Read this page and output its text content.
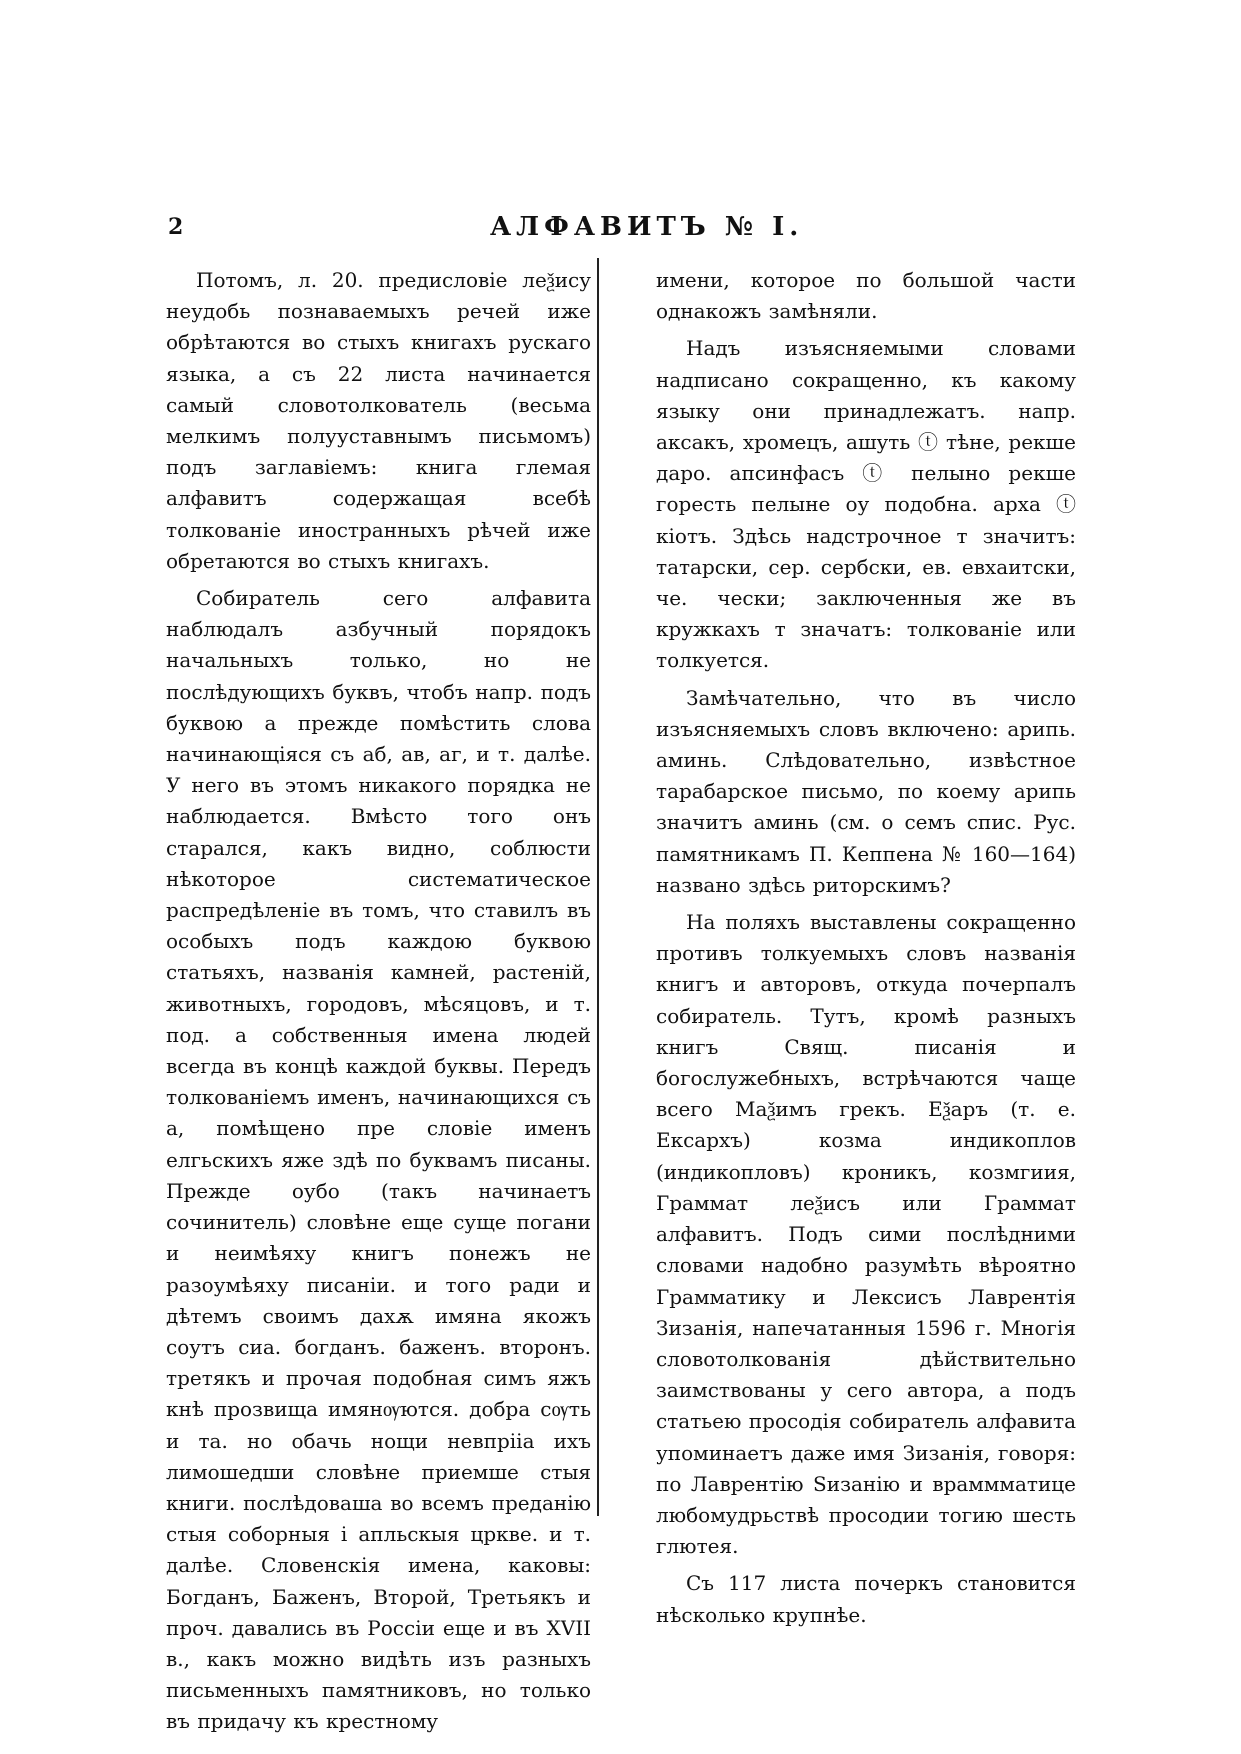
2	АЛФАВИТЪ № I.

Потомъ, л. 20. предисловіе леѯису неудобь познаваемыхъ речей иже обрѣтаются во стыхъ книгахъ рускаго языка, а съ 22 листа начинается самый словотолкователь (весьма мелкимъ полууставнымъ письмомъ) подъ заглавіемъ: книга глемая алфавитъ содержащая всебѣ толкованіе иностранныхъ рѣчей иже обретаются во стыхъ книгахъ.

Собиратель сего алфавита наблюдалъ азбучный порядокъ начальныхъ только, но не послѣдующихъ буквъ, чтобъ напр. подъ буквою а прежде помѣстить слова начинающіяся съ аб, ав, аг, и т. далѣе. У него въ этомъ никакого порядка не наблюдается. Вмѣсто того онъ старался, какъ видно, соблюсти нѣкоторое систематическое распредѣленіе въ томъ, что ставилъ въ особыхъ подъ каждою буквою статьяхъ, названія камней, растеній, животныхъ, городовъ, мѣсяцовъ, и т. под. а собственныя имена людей всегда въ концѣ каждой буквы. Передъ толкованіемъ именъ, начинающихся съ а, помѣщено пре словіе именъ елгьскихъ яже здѣ по буквамъ писаны. Прежде оубо (такъ начинаетъ сочинитель) словѣне еще суще погани и неимѣяху книгъ понежъ не разоумѣяху писаніи. и того ради и дѣтемъ своимъ дахѫ имяна якожъ соутъ сиа. богданъ. баженъ. второнъ. третякъ и прочая подобная симъ яжъ кнѣ прозвища имянѹются. добра сѹть и та. но обачь нощи невпрііа ихъ лимошедши словѣне приемше стыя книги. послѣдоваша во всемъ преданію стыя соборныя і апльскыя цркве. и т. далѣе. Словенскія имена, каковы: Богданъ, Баженъ, Второй, Третьякъ и проч. давались въ Россіи еще и въ XVII в., какъ можно видѣть изъ разныхъ письменныхъ памятниковъ, но только въ придачу къ крестному

имени, которое по большой части однакожъ замѣняли.

Надъ изъясняемыми словами надписано сокращенно, къ какому языку они принадлежатъ. напр. аксакъ, хромецъ, ашуть ⓣ тѣне, рекше даро. апсинфасъ ⓣ пелыно рекше горесть пелыне оу подобна. арха ⓣ кіотъ. Здѣсь надстрочное т значитъ: татарски, сер. сербски, ев. евхаитски, че. чески; заключенныя же въ кружкахъ т значатъ: толкованіе или толкуется.

Замѣчательно, что въ число изъясняемыхъ словъ включено: арипь. аминь. Слѣдовательно, извѣстное тарабарское письмо, по коему арипь значитъ аминь (см. о семъ спис. Рус. памятникамъ П. Кеппена № 160—164) названо здѣсь риторскимъ?

На поляхъ выставлены сокращенно противъ толкуемыхъ словъ названія книгъ и авторовъ, откуда почерпалъ собиратель. Тутъ, кромѣ разныхъ книгъ Свящ. писанія и богослужебныхъ, встрѣчаются чаще всего Маѯимъ грекъ. Еѯаръ (т. е. Ексархъ) козма индикоплов (индикопловъ) кроникъ, козмгиия, Граммат леѯисъ или Граммат алфавитъ. Подъ сими послѣдними словами надобно разумѣть вѣроятно Грамматику и Лексисъ Лаврентія Зизанія, напечатанныя 1596 г. Многія словотолкованія дѣйствительно заимствованы у сего автора, а подъ статьею просодія собиратель алфавита упоминаетъ даже имя Зизанія, говоря: по Лаврентію Ѕизанію и враммматице любомудрьствѣ просодии тогию шесть глютея.

Съ 117 листа почеркъ становится нѣсколько крупнѣе.
